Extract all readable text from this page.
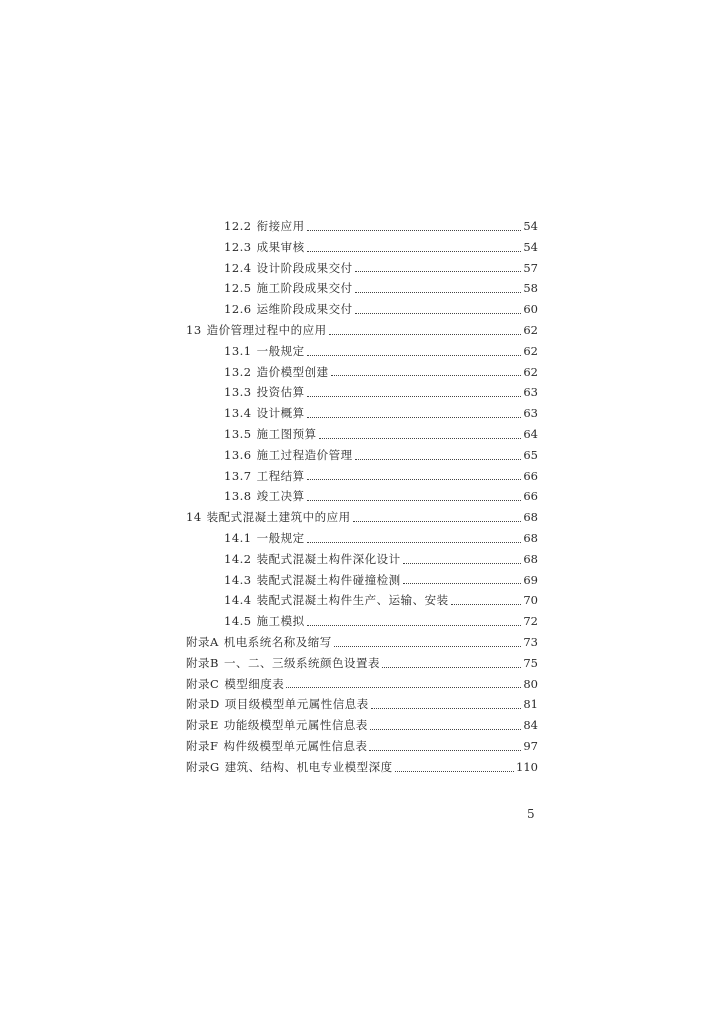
12.2 衔接应用	54
12.3 成果审核	54
12.4 设计阶段成果交付	57
12.5 施工阶段成果交付	58
12.6 运维阶段成果交付	60
13 造价管理过程中的应用	62
13.1 一般规定	62
13.2 造价模型创建	62
13.3 投资估算	63
13.4 设计概算	63
13.5 施工图预算	64
13.6 施工过程造价管理	65
13.7 工程结算	66
13.8 竣工决算	66
14 装配式混凝土建筑中的应用	68
14.1 一般规定	68
14.2 装配式混凝土构件深化设计	68
14.3 装配式混凝土构件碰撞检测	69
14.4 装配式混凝土构件生产、运输、安装	70
14.5 施工模拟	72
附录A 机电系统名称及缩写	73
附录B 一、二、三级系统颜色设置表	75
附录C 模型细度表	80
附录D 项目级模型单元属性信息表	81
附录E 功能级模型单元属性信息表	84
附录F 构件级模型单元属性信息表	97
附录G 建筑、结构、机电专业模型深度	110
5
